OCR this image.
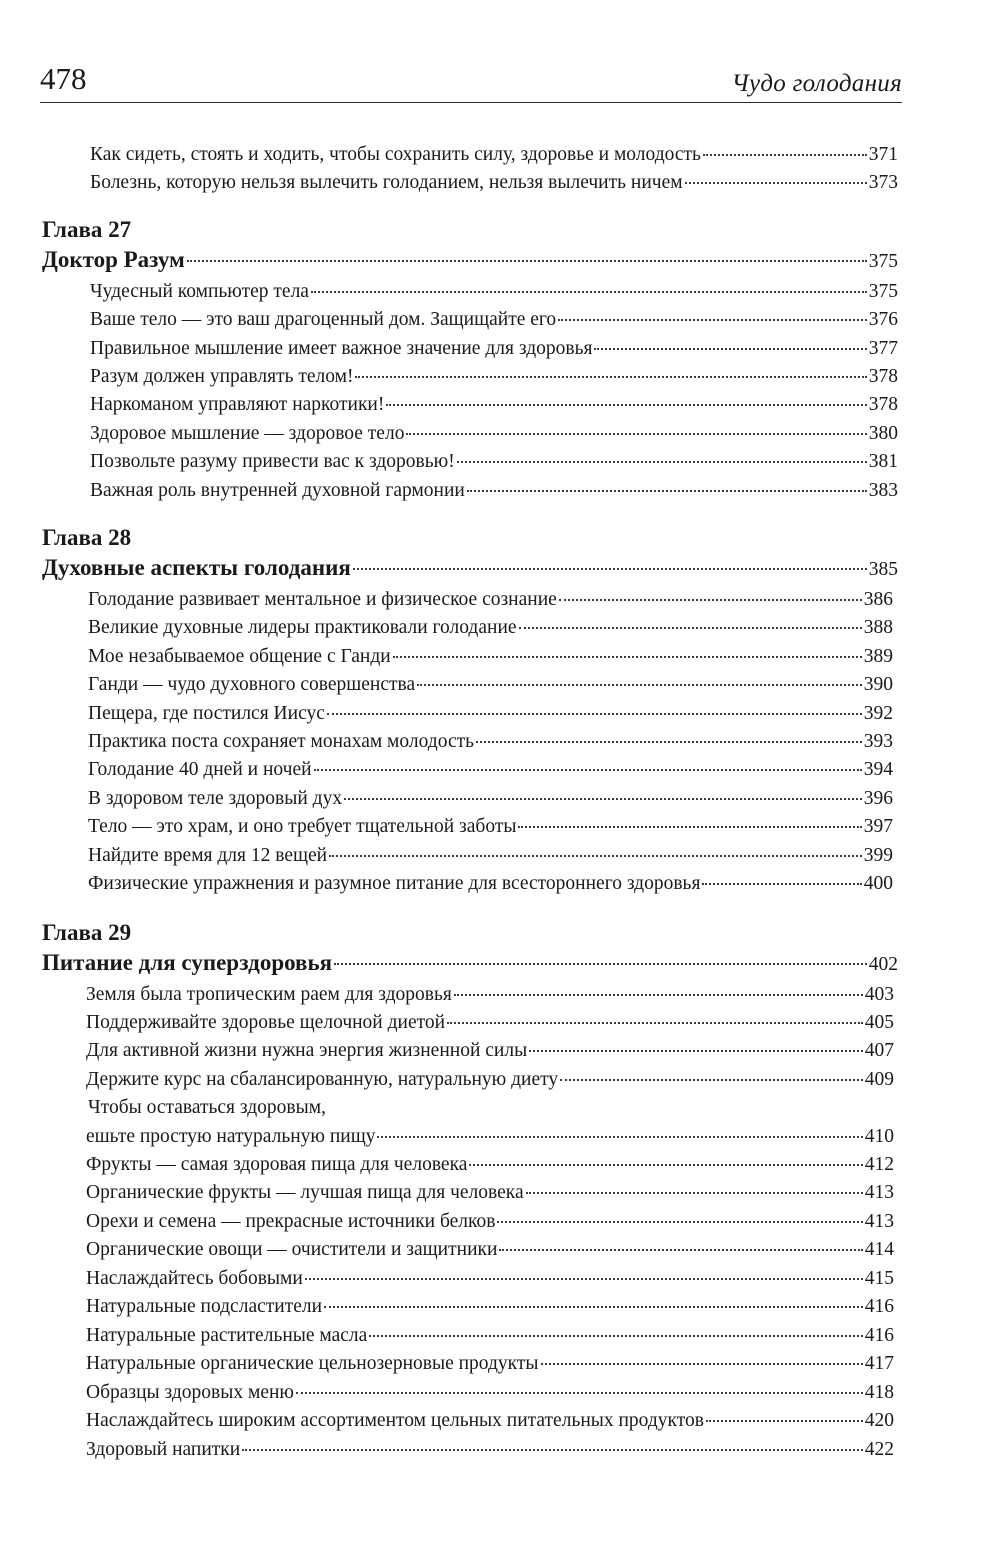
478	Чудо голодания
Как сидеть, стоять и ходить, чтобы сохранить силу, здоровье и молодость	371
Болезнь, которую нельзя вылечить голоданием, нельзя вылечить ничем	373
Глава 27
Доктор Разум	375
Чудесный компьютер тела	375
Ваше тело — это ваш драгоценный дом. Защищайте его	376
Правильное мышление имеет важное значение для здоровья	377
Разум должен управлять телом!	378
Наркоманом управляют наркотики!	378
Здоровое мышление — здоровое тело	380
Позвольте разуму привести вас к здоровью!	381
Важная роль внутренней духовной гармонии	383
Глава 28
Духовные аспекты голодания	385
Голодание развивает ментальное и физическое сознание	386
Великие духовные лидеры практиковали голодание	388
Мое незабываемое общение с Ганди	389
Ганди — чудо духовного совершенства	390
Пещера, где постился Иисус	392
Практика поста сохраняет монахам молодость	393
Голодание 40 дней и ночей	394
В здоровом теле здоровый дух	396
Тело — это храм, и оно требует тщательной заботы	397
Найдите время для 12 вещей	399
Физические упражнения и разумное питание для всестороннего здоровья	400
Глава 29
Питание для суперздоровья	402
Земля была тропическим раем для здоровья	403
Поддерживайте здоровье щелочной диетой	405
Для активной жизни нужна энергия жизненной силы	407
Держите курс на сбалансированную, натуральную диету	409
Чтобы оставаться здоровым,
ешьте простую натуральную пищу	410
Фрукты — самая здоровая пища для человека	412
Органические фрукты — лучшая пища для человека	413
Орехи и семена — прекрасные источники белков	413
Органические овощи — очистители и защитники	414
Наслаждайтесь бобовыми	415
Натуральные подсластители	416
Натуральные растительные масла	416
Натуральные органические цельнозерновые продукты	417
Образцы здоровых меню	418
Наслаждайтесь широким ассортиментом цельных питательных продуктов	420
Здоровый напитки	422
